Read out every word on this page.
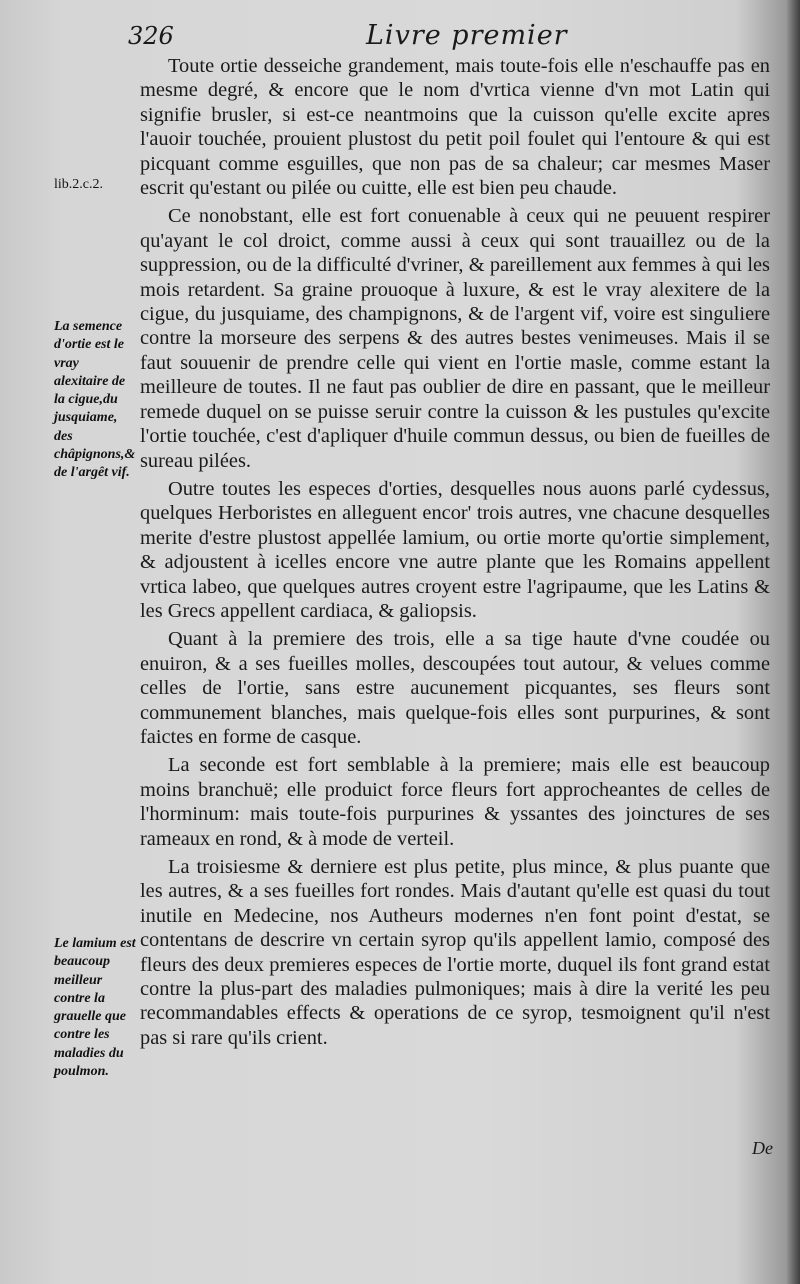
326	Livre premier
lib.2.c.2.
La semence d'ortie est le vray alexitaire de la cigue,du jusquiame, des châpignons,& de l'argêt vif.
Le lamium est beaucoup meilleur contre la grauelle que contre les maladies du poulmon.

Toute ortie desseiche grandement, mais toute-fois elle n'eschauffe pas en mesme degré, & encore que le nom d'vrtica vienne d'vn mot Latin qui signifie brusler, si est-ce neantmoins que la cuisson qu'elle excite apres l'auoir touchée, prouient plustost du petit poil foulet qui l'entoure & qui est picquant comme esguilles, que non pas de sa chaleur; car mesmes Maser escrit qu'estant ou pilée ou cuitte, elle est bien peu chaude.

Ce nonobstant, elle est fort conuenable à ceux qui ne peuuent respirer qu'ayant le col droict, comme aussi à ceux qui sont trauaillez ou de la suppression, ou de la difficulté d'vriner, & pareillement aux femmes à qui les mois retardent. Sa graine prouoque à luxure, & est le vray alexitere de la cigue, du jusquiame, des champignons, & de l'argent vif, voire est singuliere contre la morseure des serpens & des autres bestes venimeuses. Mais il se faut souuenir de prendre celle qui vient en l'ortie masle, comme estant la meilleure de toutes. Il ne faut pas oublier de dire en passant, que le meilleur remede duquel on se puisse seruir contre la cuisson & les pustules qu'excite l'ortie touchée, c'est d'apliquer d'huile commun dessus, ou bien de fueilles de sureau pilées.

Outre toutes les especes d'orties, desquelles nous auons parlé cydessus, quelques Herboristes en alleguent encor' trois autres, vne chacune desquelles merite d'estre plustost appellée lamium, ou ortie morte qu'ortie simplement, & adjoustent à icelles encore vne autre plante que les Romains appellent vrtica labeo, que quelques autres croyent estre l'agripaume, que les Latins & les Grecs appellent cardiaca, & galiopsis.

Quant à la premiere des trois, elle a sa tige haute d'vne coudée ou enuiron, & a ses fueilles molles, descoupées tout autour, & velues comme celles de l'ortie, sans estre aucunement picquantes, ses fleurs sont communement blanches, mais quelque-fois elles sont purpurines, & sont faictes en forme de casque.

La seconde est fort semblable à la premiere; mais elle est beaucoup moins branchuë; elle produict force fleurs fort approcheantes de celles de l'horminum: mais toute-fois purpurines & yssantes des joinctures de ses rameaux en rond, & à mode de verteil.

La troisiesme & derniere est plus petite, plus mince, & plus puante que les autres, & a ses fueilles fort rondes. Mais d'autant qu'elle est quasi du tout inutile en Medecine, nos Autheurs modernes n'en font point d'estat, se contentans de descrire vn certain syrop qu'ils appellent lamio, composé des fleurs des deux premieres especes de l'ortie morte, duquel ils font grand estat contre la plus-part des maladies pulmoniques; mais à dire la verité les peu recommandables effects & operations de ce syrop, tesmoignent qu'il n'est pas si rare qu'ils crient.

De
